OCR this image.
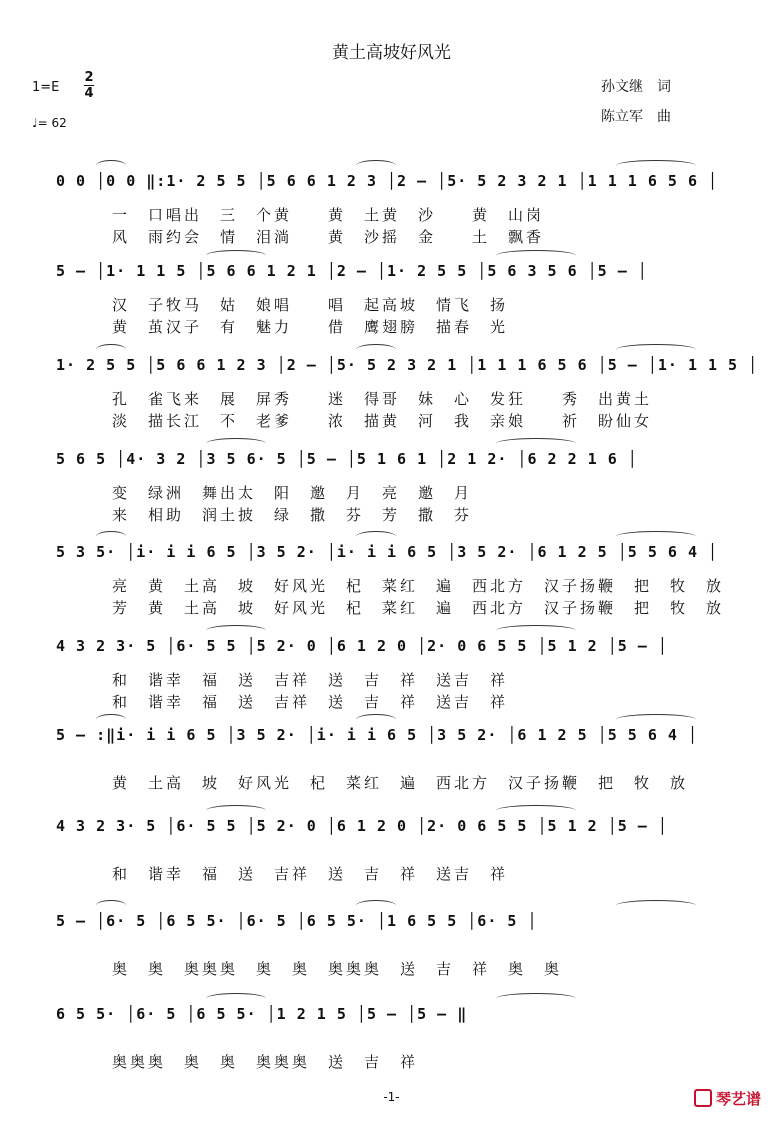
黄土高坡好风光
1=E
2
4
♩= 62
孙文继　词
陈立军　曲
0 0 │0 0 ‖:1· 2 5 5 │5 6 6 1 2 3 │2 – │5· 5 2 3 2 1 │1 1 1 6 5 6 │
一　口唱出　三　个黄　　黄　土黄　沙　　黄　山岗
风　雨约会　情　泪淌　　黄　沙摇　金　　土　飘香
5 – │1· 1 1 5 │5 6 6 1 2 1 │2 – │1· 2 5 5 │5 6 3 5 6 │5 – │
汉　子牧马　姑　娘唱　　唱　起高坡　情飞　扬
黄　茧汉子　有　魅力　　借　鹰翅膀　描春　光
1· 2 5 5 │5 6 6 1 2 3 │2 – │5· 5 2 3 2 1 │1 1 1 6 5 6 │5 – │1· 1 1 5 │
孔　雀飞来　展　屏秀　　迷　得哥　妹　心　发狂　　秀　出黄土
淡　描长江　不　老爹　　浓　描黄　河　我　亲娘　　祈　盼仙女
5 6 5 │4· 3 2 │3 5 6· 5 │5 – │5 1 6 1 │2 1 2· │6 2 2 1 6 │
变　绿洲　舞出太　阳　邀　月　亮　邀　月
来　相助　润土披　绿　撒　芬　芳　撒　芬
5 3 5· │i· i i 6 5 │3 5 2· │i· i i 6 5 │3 5 2· │6 1 2 5 │5 5 6 4 │
亮　黄　土高　坡　好风光　杞　菜红　遍　西北方　汉子扬鞭　把　牧　放
芳　黄　土高　坡　好风光　杞　菜红　遍　西北方　汉子扬鞭　把　牧　放
4 3 2 3· 5 │6· 5 5 │5 2· 0 │6 1 2 0 │2· 0 6 5 5 │5 1 2 │5 – │
和　谐幸　福　送　吉祥　送　吉　祥　送吉　祥
和　谐幸　福　送　吉祥　送　吉　祥　送吉　祥
5 – :‖i· i i 6 5 │3 5 2· │i· i i 6 5 │3 5 2· │6 1 2 5 │5 5 6 4 │
黄　土高　坡　好风光　杞　菜红　遍　西北方　汉子扬鞭　把　牧　放
4 3 2 3· 5 │6· 5 5 │5 2· 0 │6 1 2 0 │2· 0 6 5 5 │5 1 2 │5 – │
和　谐幸　福　送　吉祥　送　吉　祥　送吉　祥
5 – │6· 5 │6 5 5· │6· 5 │6 5 5· │1 6 5 5 │6· 5 │
奥　奥　奥奥奥　奥　奥　奥奥奥　送　吉　祥　奥　奥
6 5 5· │6· 5 │6 5 5· │1 2 1 5 │5 – │5 – ‖
奥奥奥　奥　奥　奥奥奥　送　吉　祥
-1-	琴艺谱
